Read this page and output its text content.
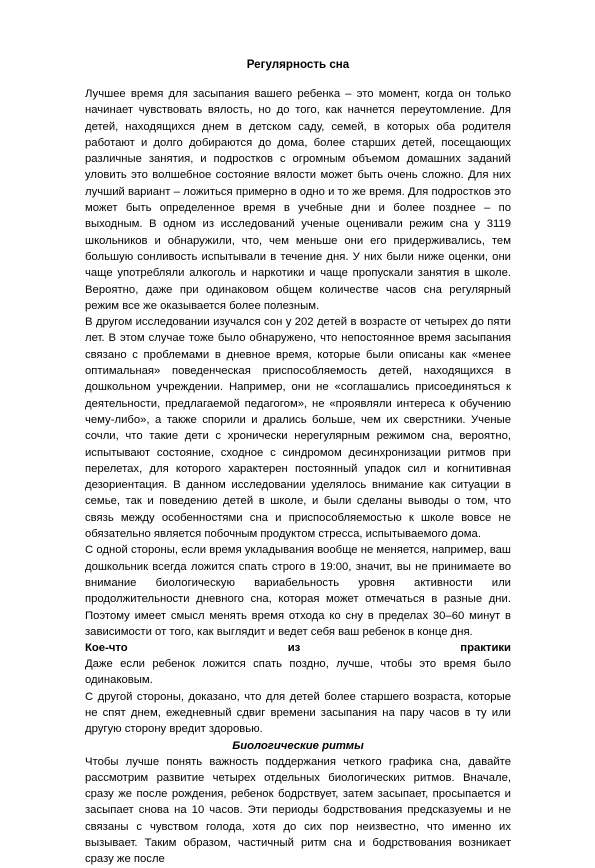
Регулярность сна

Лучшее время для засыпания вашего ребенка – это момент, когда он только начинает чувствовать вялость, но до того, как начнется переутомление. Для детей, находящихся днем в детском саду, семей, в которых оба родителя работают и долго добираются до дома, более старших детей, посещающих различные занятия, и подростков с огромным объемом домашних заданий уловить это волшебное состояние вялости может быть очень сложно. Для них лучший вариант – ложиться примерно в одно и то же время. Для подростков это может быть определенное время в учебные дни и более позднее – по выходным. В одном из исследований ученые оценивали режим сна у 3119 школьников и обнаружили, что, чем меньше они его придерживались, тем большую сонливость испытывали в течение дня. У них были ниже оценки, они чаще употребляли алкоголь и наркотики и чаще пропускали занятия в школе. Вероятно, даже при одинаковом общем количестве часов сна регулярный режим все же оказывается более полезным.

В другом исследовании изучался сон у 202 детей в возрасте от четырех до пяти лет. В этом случае тоже было обнаружено, что непостоянное время засыпания связано с проблемами в дневное время, которые были описаны как «менее оптимальная» поведенческая приспособляемость детей, находящихся в дошкольном учреждении. Например, они не «соглашались присоединяться к деятельности, предлагаемой педагогом», не «проявляли интереса к обучению чему-либо», а также спорили и дрались больше, чем их сверстники. Ученые сочли, что такие дети с хронически нерегулярным режимом сна, вероятно, испытывают состояние, сходное с синдромом десинхронизации ритмов при перелетах, для которого характерен постоянный упадок сил и когнитивная дезориентация. В данном исследовании уделялось внимание как ситуации в семье, так и поведению детей в школе, и были сделаны выводы о том, что связь между особенностями сна и приспособляемостью к школе вовсе не обязательно является побочным продуктом стресса, испытываемого дома.

С одной стороны, если время укладывания вообще не меняется, например, ваш дошкольник всегда ложится спать строго в 19:00, значит, вы не принимаете во внимание биологическую вариабельность уровня активности или продолжительности дневного сна, которая может отмечаться в разные дни. Поэтому имеет смысл менять время отхода ко сну в пределах 30–60 минут в зависимости от того, как выглядит и ведет себя ваш ребенок в конце дня.

Кое-что	из	практики

Даже если ребенок ложится спать поздно, лучше, чтобы это время было одинаковым.

С другой стороны, доказано, что для детей более старшего возраста, которые не спят днем, ежедневный сдвиг времени засыпания на пару часов в ту или другую сторону вредит здоровью.

Биологические ритмы

Чтобы лучше понять важность поддержания четкого графика сна, давайте рассмотрим развитие четырех отдельных биологических ритмов. Вначале, сразу же после рождения, ребенок бодрствует, затем засыпает, просыпается и засыпает снова на 10 часов. Эти периоды бодрствования предсказуемы и не связаны с чувством голода, хотя до сих пор неизвестно, что именно их вызывает. Таким образом, частичный ритм сна и бодрствования возникает сразу же после
